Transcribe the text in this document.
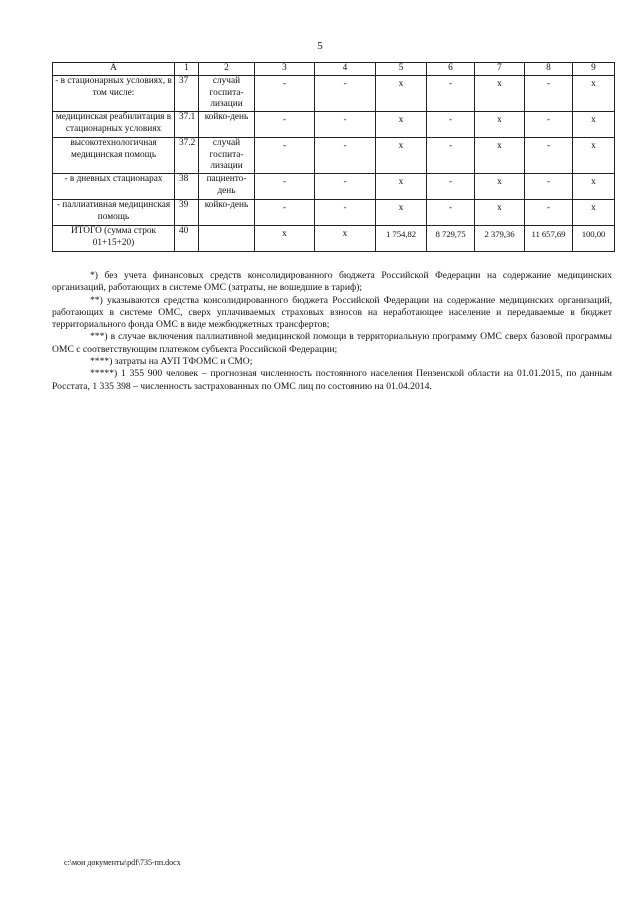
5
А	1	2	3	4	5	6	7	8	9
- в стационарных условиях, в том числе:	37	случай госпита-лизации	-	-	х	-	х	-	х
медицинская реабилитация в стационарных условиях	37.1	койко-день	-	-	х	-	х	-	х
высокотехнологичная медицинская помощь	37.2	случай госпита-лизации	-	-	х	-	х	-	х
- в дневных стационарах	38	пациенто-день	-	-	х	-	х	-	х
- паллиативная медицинская помощь	39	койко-день	-	-	х	-	х	-	х
ИТОГО (сумма строк 01+15+20)	40		х	х	1 754,82	8 729,75	2 379,36	11 657,69	100,00

*) без учета финансовых средств консолидированного бюджета Российской Федерации на содержание медицинских организаций, работающих в системе ОМС (затраты, не вошедшие в тариф);

**) указываются средства консолидированного бюджета Российской Федерации на содержание медицинских организаций, работающих в системе ОМС, сверх уплачиваемых страховых взносов на неработающее население и передаваемые в бюджет территориального фонда ОМС в виде межбюджетных трансфертов;

***) в случае включения паллиативной медицинской помощи в территориальную программу ОМС сверх базовой программы ОМС с соответствующим платежом субъекта Российской Федерации;

****) затраты на АУП ТФОМС и СМО;

*****) 1 355 900 человек – прогнозная численность постоянного населения Пензенской области на 01.01.2015, по данным Росстата, 1 335 398 – численность застрахованных по ОМС лиц по состоянию на 01.04.2014.

c:\мои документы\pdf\735-пп.docx
